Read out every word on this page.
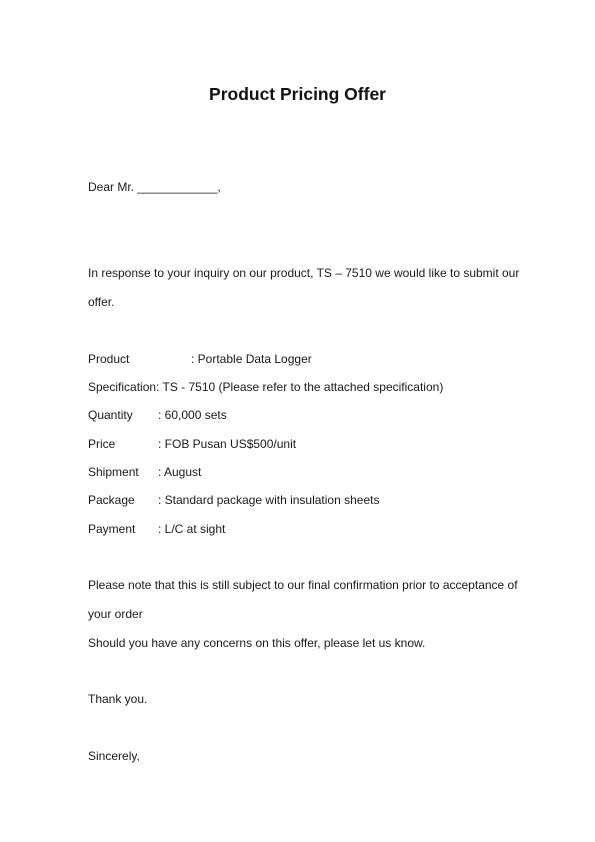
Product Pricing Offer
Dear Mr. ____________,
In response to your inquiry on our product, TS – 7510 we would like to submit our
offer.
Product	: Portable Data Logger
Specification: TS - 7510 (Please refer to the attached specification)
Quantity : 60,000 sets
Price	: FOB Pusan US$500/unit
Shipment : August
Package : Standard package with insulation sheets
Payment : L/C at sight
Please note that this is still subject to our final confirmation prior to acceptance of
your order
Should you have any concerns on this offer, please let us know.
Thank you.
Sincerely,
